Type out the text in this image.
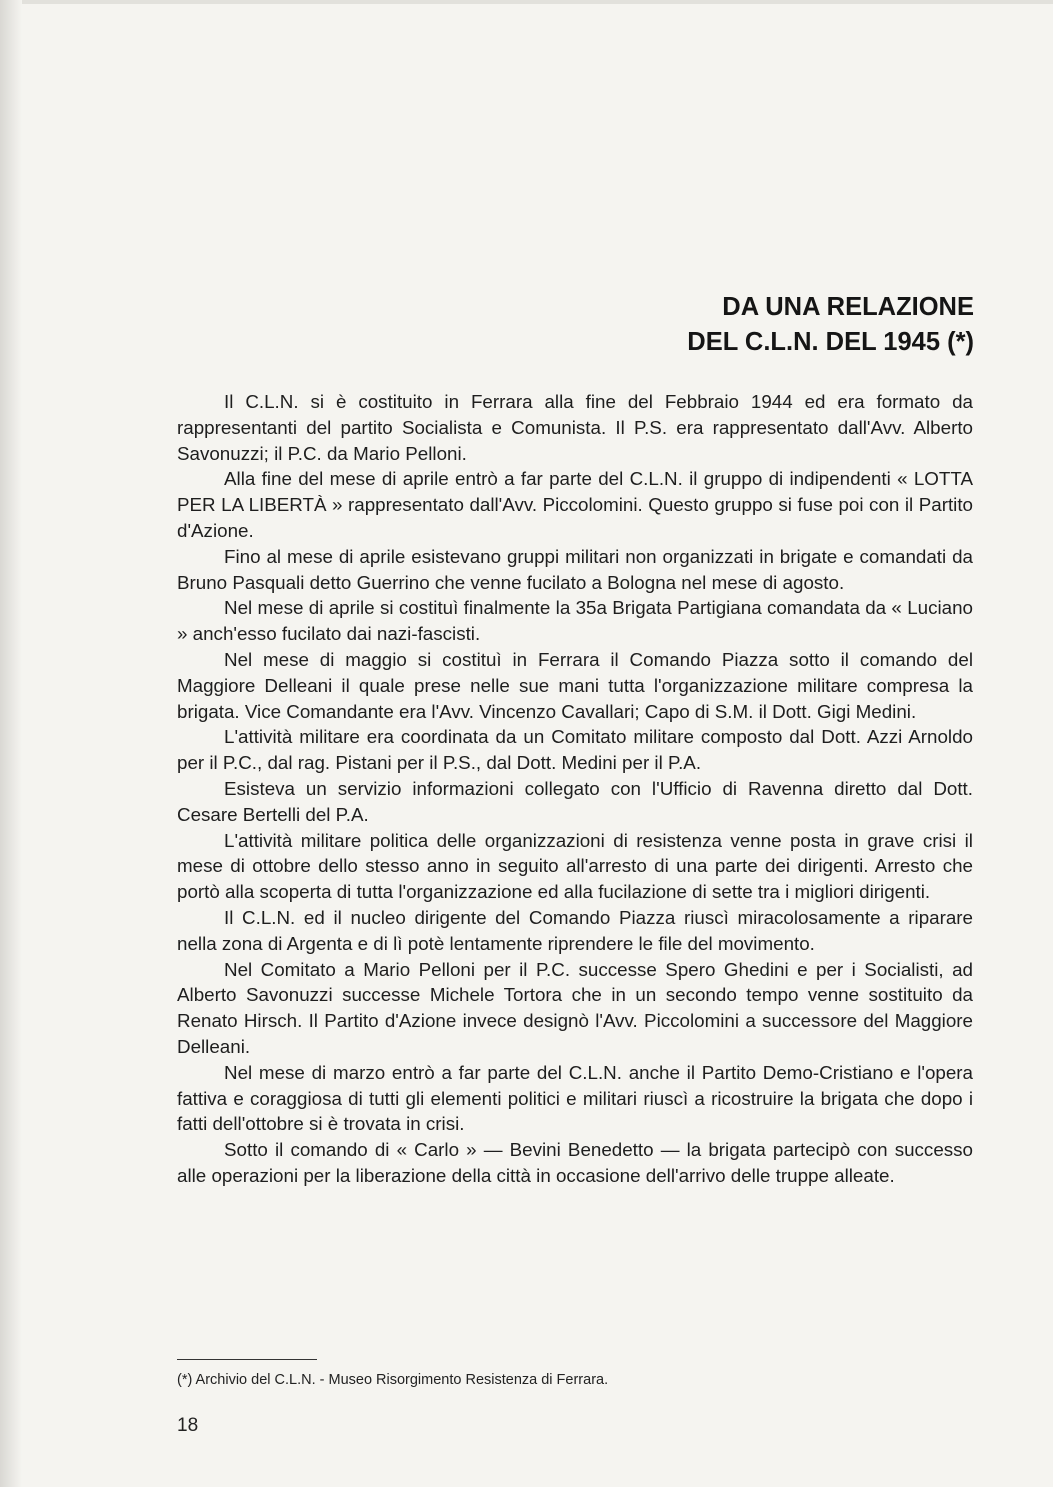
DA UNA RELAZIONE
DEL C.L.N. DEL 1945 (*)

Il C.L.N. si è costituito in Ferrara alla fine del Febbraio 1944 ed era formato da rappresentanti del partito Socialista e Comunista. Il P.S. era rappresentato dall'Avv. Alberto Savonuzzi; il P.C. da Mario Pelloni.

Alla fine del mese di aprile entrò a far parte del C.L.N. il gruppo di indipendenti « LOTTA PER LA LIBERTÀ » rappresentato dall'Avv. Piccolomini. Questo gruppo si fuse poi con il Partito d'Azione.

Fino al mese di aprile esistevano gruppi militari non organizzati in brigate e comandati da Bruno Pasquali detto Guerrino che venne fucilato a Bologna nel mese di agosto.

Nel mese di aprile si costituì finalmente la 35a Brigata Partigiana comandata da « Luciano » anch'esso fucilato dai nazi-fascisti.

Nel mese di maggio si costituì in Ferrara il Comando Piazza sotto il comando del Maggiore Delleani il quale prese nelle sue mani tutta l'organizzazione militare compresa la brigata. Vice Comandante era l'Avv. Vincenzo Cavallari; Capo di S.M. il Dott. Gigi Medini.

L'attività militare era coordinata da un Comitato militare composto dal Dott. Azzi Arnoldo per il P.C., dal rag. Pistani per il P.S., dal Dott. Medini per il P.A.

Esisteva un servizio informazioni collegato con l'Ufficio di Ravenna diretto dal Dott. Cesare Bertelli del P.A.

L'attività militare politica delle organizzazioni di resistenza venne posta in grave crisi il mese di ottobre dello stesso anno in seguito all'arresto di una parte dei dirigenti. Arresto che portò alla scoperta di tutta l'organizzazione ed alla fucilazione di sette tra i migliori dirigenti.

Il C.L.N. ed il nucleo dirigente del Comando Piazza riuscì miracolosamente a riparare nella zona di Argenta e di lì potè lentamente riprendere le file del movimento.

Nel Comitato a Mario Pelloni per il P.C. successe Spero Ghedini e per i Socialisti, ad Alberto Savonuzzi successe Michele Tortora che in un secondo tempo venne sostituito da Renato Hirsch. Il Partito d'Azione invece designò l'Avv. Piccolomini a successore del Maggiore Delleani.

Nel mese di marzo entrò a far parte del C.L.N. anche il Partito Demo-Cristiano e l'opera fattiva e coraggiosa di tutti gli elementi politici e militari riuscì a ricostruire la brigata che dopo i fatti dell'ottobre si è trovata in crisi.

Sotto il comando di « Carlo » — Bevini Benedetto — la brigata partecipò con successo alle operazioni per la liberazione della città in occasione dell'arrivo delle truppe alleate.

(*) Archivio del C.L.N. - Museo Risorgimento Resistenza di Ferrara.
18
